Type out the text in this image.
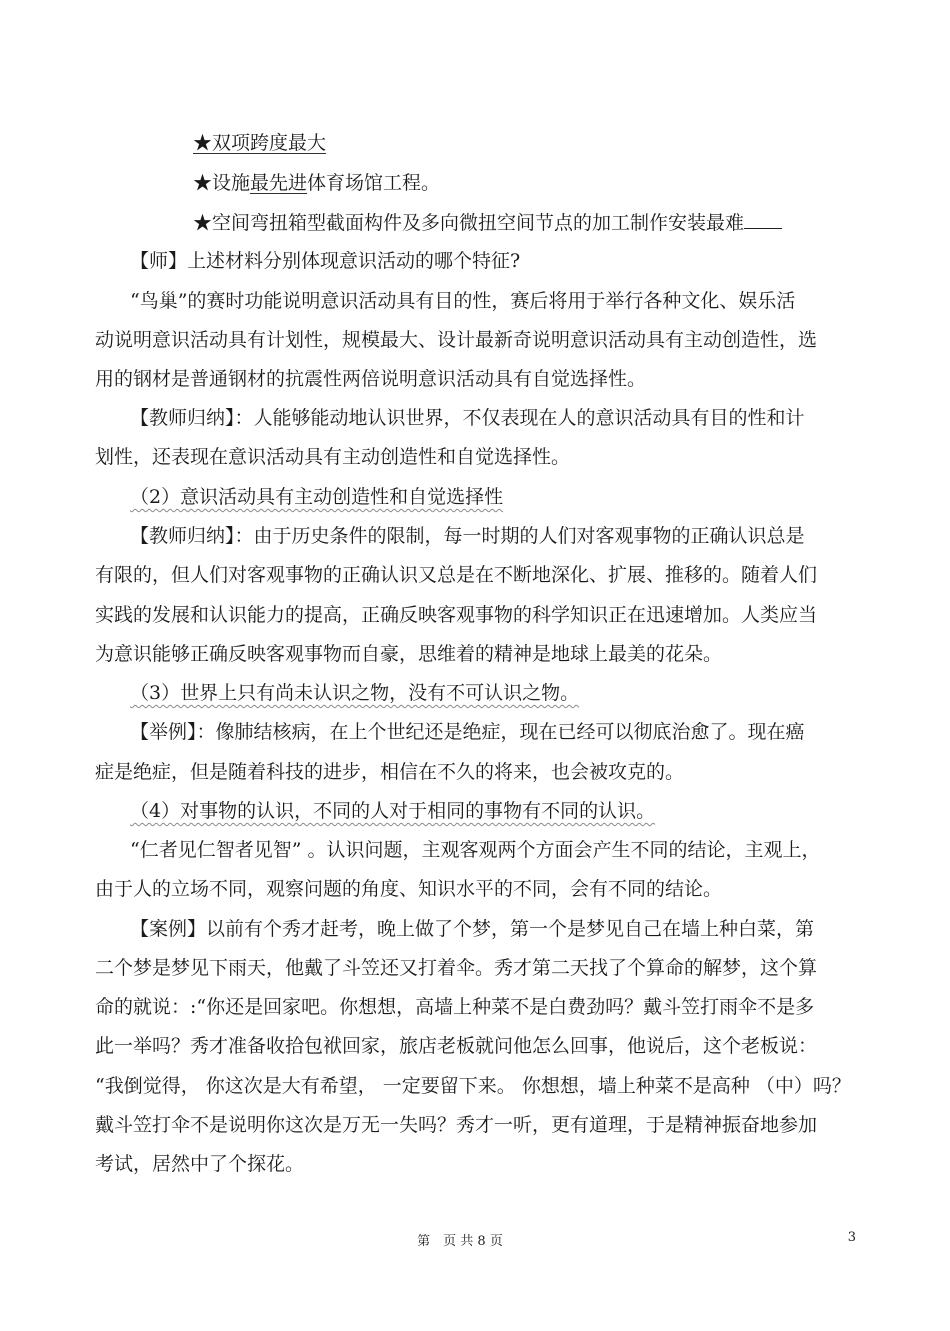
★双项跨度最大
★设施最先进体育场馆工程。
★空间弯扭箱型截面构件及多向微扭空间节点的加工制作安装最难
【师】上述材料分别体现意识活动的哪个特征?
“鸟巢”的赛时功能说明意识活动具有目的性，赛后将用于举行各种文化、娱乐活
动说明意识活动具有计划性，规模最大、设计最新奇说明意识活动具有主动创造性，选
用的钢材是普通钢材的抗震性两倍说明意识活动具有自觉选择性。
【教师归纳】：人能够能动地认识世界，不仅表现在人的意识活动具有目的性和计
划性，还表现在意识活动具有主动创造性和自觉选择性。
（2）意识活动具有主动创造性和自觉选择性
【教师归纳】：由于历史条件的限制，每一时期的人们对客观事物的正确认识总是
有限的，但人们对客观事物的正确认识又总是在不断地深化、扩展、推移的。随着人们
实践的发展和认识能力的提高，正确反映客观事物的科学知识正在迅速增加。人类应当
为意识能够正确反映客观事物而自豪，思维着的精神是地球上最美的花朵。
（3）世界上只有尚未认识之物，没有不可认识之物。
【举例】：像肺结核病，在上个世纪还是绝症，现在已经可以彻底治愈了。现在癌
症是绝症，但是随着科技的进步，相信在不久的将来，也会被攻克的。
（4）对事物的认识，不同的人对于相同的事物有不同的认识。
“仁者见仁智者见智” 。认识问题，主观客观两个方面会产生不同的结论，主观上，
由于人的立场不同，观察问题的角度、知识水平的不同，会有不同的结论。
【案例】以前有个秀才赶考，晚上做了个梦，第一个是梦见自己在墙上种白菜，第
二个梦是梦见下雨天，他戴了斗笠还又打着伞。秀才第二天找了个算命的解梦，这个算
命的就说：:“你还是回家吧。你想想，高墙上种菜不是白费劲吗？戴斗笠打雨伞不是多
此一举吗？秀才准备收拾包袱回家，旅店老板就问他怎么回事，他说后，这个老板说：
“我倒觉得， 你这次是大有希望， 一定要留下来。 你想想，墙上种菜不是高种 （中）吗？
戴斗笠打伞不是说明你这次是万无一失吗？秀才一听，更有道理，于是精神振奋地参加
考试，居然中了个探花。
第　页 共 8 页	3
